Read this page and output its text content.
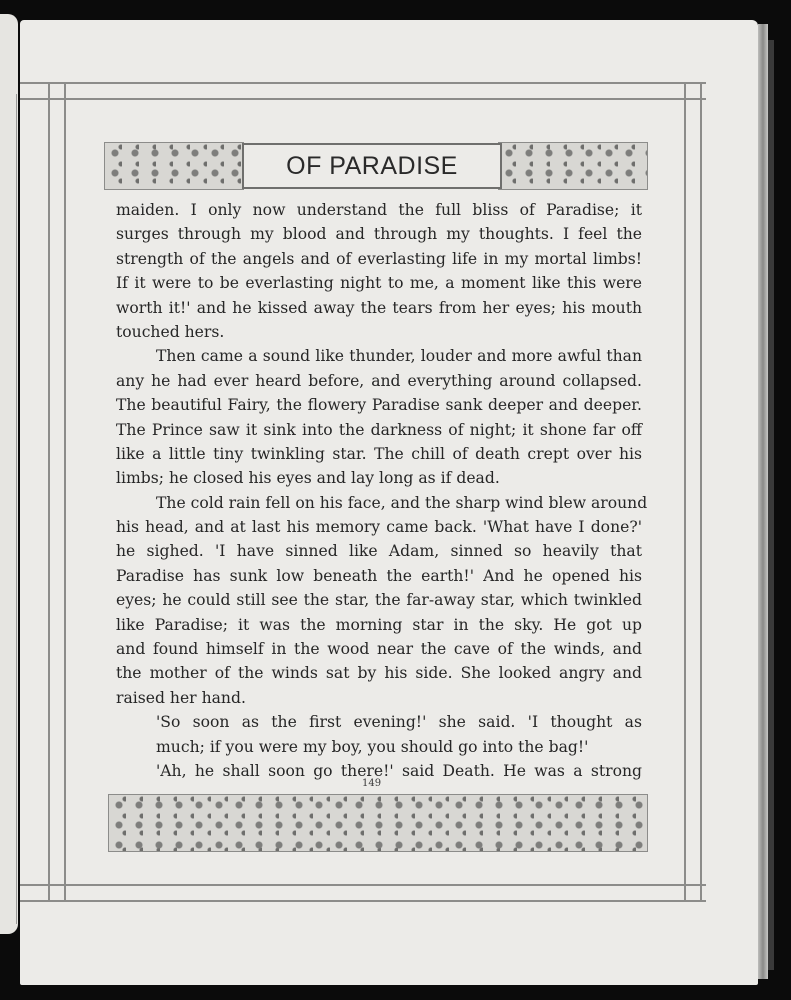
OF PARADISE
maiden. I only now understand the full bliss of Paradise; it
surges through my blood and through my thoughts. I feel the
strength of the angels and of everlasting life in my mortal limbs!
If it were to be everlasting night to me, a moment like this were
worth it!' and he kissed away the tears from her eyes; his mouth
touched hers.
Then came a sound like thunder, louder and more awful than
any he had ever heard before, and everything around collapsed.
The beautiful Fairy, the flowery Paradise sank deeper and deeper.
The Prince saw it sink into the darkness of night; it shone far off
like a little tiny twinkling star. The chill of death crept over his
limbs; he closed his eyes and lay long as if dead.
The cold rain fell on his face, and the sharp wind blew around
his head, and at last his memory came back. 'What have I done?'
he sighed. 'I have sinned like Adam, sinned so heavily that
Paradise has sunk low beneath the earth!' And he opened his
eyes; he could still see the star, the far-away star, which twinkled
like Paradise; it was the morning star in the sky. He got up
and found himself in the wood near the cave of the winds, and
the mother of the winds sat by his side. She looked angry and
raised her hand.
'So soon as the first evening!' she said. 'I thought as
much; if you were my boy, you should go into the bag!'
'Ah, he shall soon go there!' said Death. He was a strong
149
